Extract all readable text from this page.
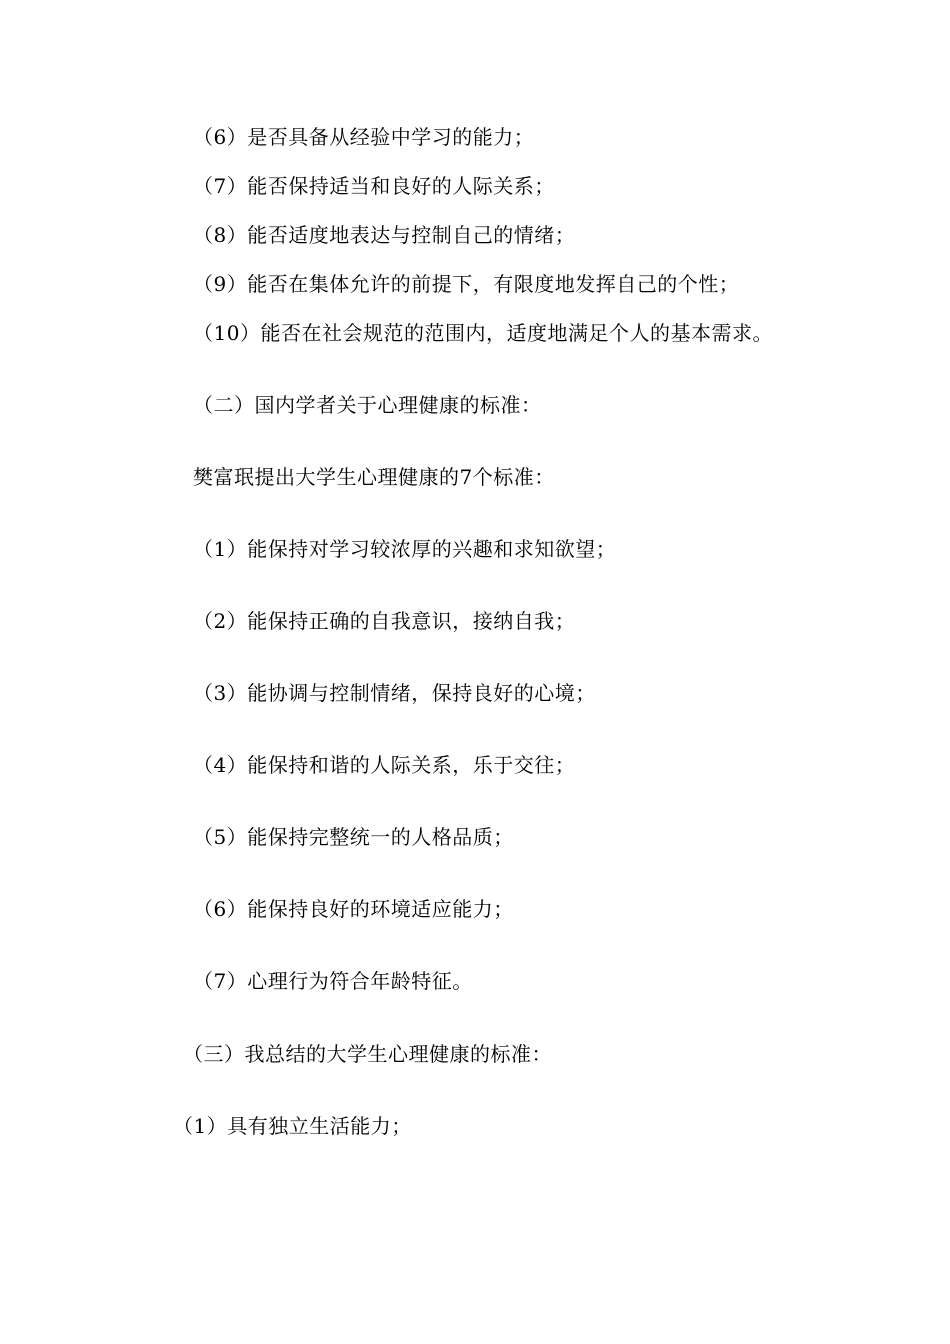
（6）是否具备从经验中学习的能力；
（7）能否保持适当和良好的人际关系；
（8）能否适度地表达与控制自己的情绪；
（9）能否在集体允许的前提下，有限度地发挥自己的个性；
（10）能否在社会规范的范围内，适度地满足个人的基本需求。
（二）国内学者关于心理健康的标准：
樊富珉提出大学生心理健康的7个标准：
（1）能保持对学习较浓厚的兴趣和求知欲望；
（2）能保持正确的自我意识，接纳自我；
（3）能协调与控制情绪，保持良好的心境；
（4）能保持和谐的人际关系，乐于交往；
（5）能保持完整统一的人格品质；
（6）能保持良好的环境适应能力；
（7）心理行为符合年龄特征。
（三）我总结的大学生心理健康的标准：
（1）具有独立生活能力；
